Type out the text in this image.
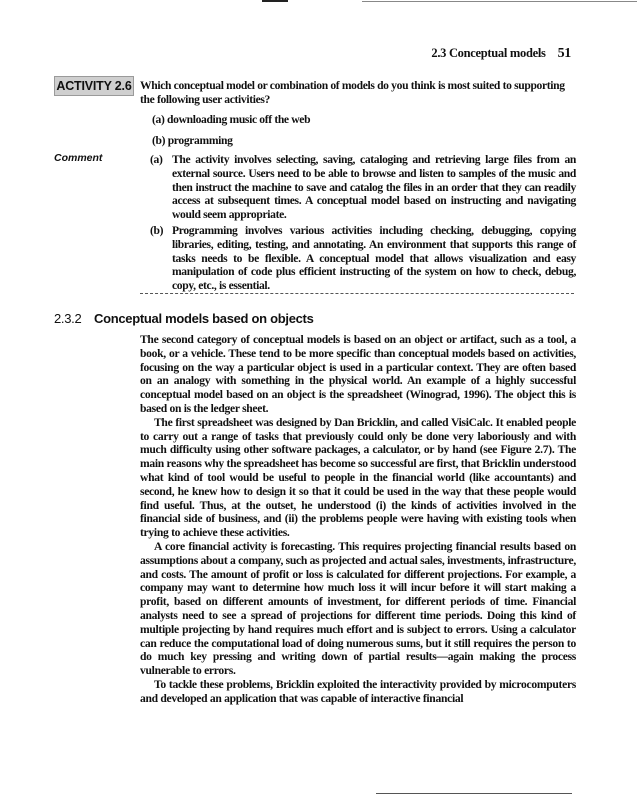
2.3 Conceptual models 51
ACTIVITY 2.6 Which conceptual model or combination of models do you think is most suited to supporting the following user activities?
(a) downloading music off the web
(b) programming
Comment	(a) The activity involves selecting, saving, cataloging and retrieving large files from an external source. Users need to be able to browse and listen to samples of the music and then instruct the machine to save and catalog the files in an order that they can readily access at subsequent times. A conceptual model based on instructing and navigating would seem appropriate.
(b) Programming involves various activities including checking, debugging, copying libraries, editing, testing, and annotating. An environment that supports this range of tasks needs to be flexible. A conceptual model that allows visualization and easy manipulation of code plus efficient instructing of the system on how to check, debug, copy, etc., is essential.
2.3.2 Conceptual models based on objects

The second category of conceptual models is based on an object or artifact, such as a tool, a book, or a vehicle. These tend to be more specific than conceptual models based on activities, focusing on the way a particular object is used in a particular context. They are often based on an analogy with something in the physical world. An example of a highly successful conceptual model based on an object is the spreadsheet (Winograd, 1996). The object this is based on is the ledger sheet.

The first spreadsheet was designed by Dan Bricklin, and called VisiCalc. It enabled people to carry out a range of tasks that previously could only be done very laboriously and with much difficulty using other software packages, a calculator, or by hand (see Figure 2.7). The main reasons why the spreadsheet has become so successful are first, that Bricklin understood what kind of tool would be useful to people in the financial world (like accountants) and second, he knew how to design it so that it could be used in the way that these people would find useful. Thus, at the outset, he understood (i) the kinds of activities involved in the financial side of business, and (ii) the problems people were having with existing tools when trying to achieve these activities.

A core financial activity is forecasting. This requires projecting financial results based on assumptions about a company, such as projected and actual sales, investments, infrastructure, and costs. The amount of profit or loss is calculated for different projections. For example, a company may want to determine how much loss it will incur before it will start making a profit, based on different amounts of investment, for different periods of time. Financial analysts need to see a spread of projections for different time periods. Doing this kind of multiple projecting by hand requires much effort and is subject to errors. Using a calculator can reduce the computational load of doing numerous sums, but it still requires the person to do much key pressing and writing down of partial results—again making the process vulnerable to errors.

To tackle these problems, Bricklin exploited the interactivity provided by microcomputers and developed an application that was capable of interactive financial
